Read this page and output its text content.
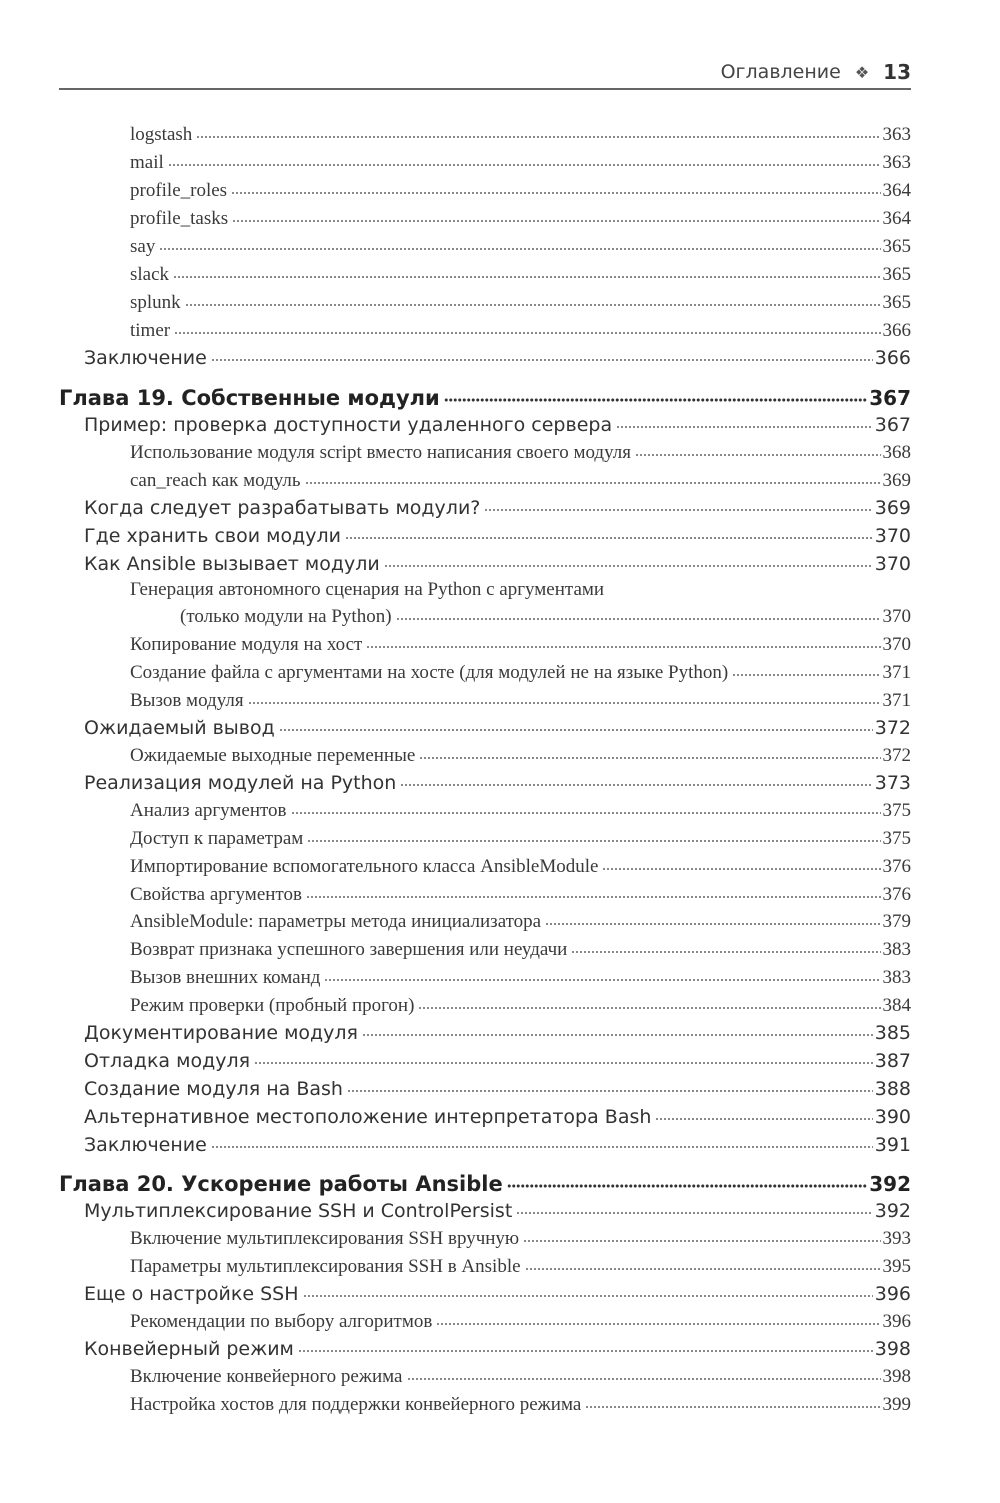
Оглавление ❖ 13
logstash	363
mail	363
profile_roles	364
profile_tasks	364
say	365
slack	365
splunk	365
timer	366
Заключение	366
Глава 19. Собственные модули	367
Пример: проверка доступности удаленного сервера	367
Использование модуля script вместо написания своего модуля	368
can_reach как модуль	369
Когда следует разрабатывать модули?	369
Где хранить свои модули	370
Как Ansible вызывает модули	370
Генерация автономного сценария на Python с аргументами
(только модули на Python)	370
Копирование модуля на хост	370
Создание файла с аргументами на хосте (для модулей не на языке Python)	371
Вызов модуля	371
Ожидаемый вывод	372
Ожидаемые выходные переменные	372
Реализация модулей на Python	373
Анализ аргументов	375
Доступ к параметрам	375
Импортирование вспомогательного класса AnsibleModule	376
Свойства аргументов	376
AnsibleModule: параметры метода инициализатора	379
Возврат признака успешного завершения или неудачи	383
Вызов внешних команд	383
Режим проверки (пробный прогон)	384
Документирование модуля	385
Отладка модуля	387
Создание модуля на Bash	388
Альтернативное местоположение интерпретатора Bash	390
Заключение	391
Глава 20. Ускорение работы Ansible	392
Мультиплексирование SSH и ControlPersist	392
Включение мультиплексирования SSH вручную	393
Параметры мультиплексирования SSH в Ansible	395
Еще о настройке SSH	396
Рекомендации по выбору алгоритмов	396
Конвейерный режим	398
Включение конвейерного режима	398
Настройка хостов для поддержки конвейерного режима	399
